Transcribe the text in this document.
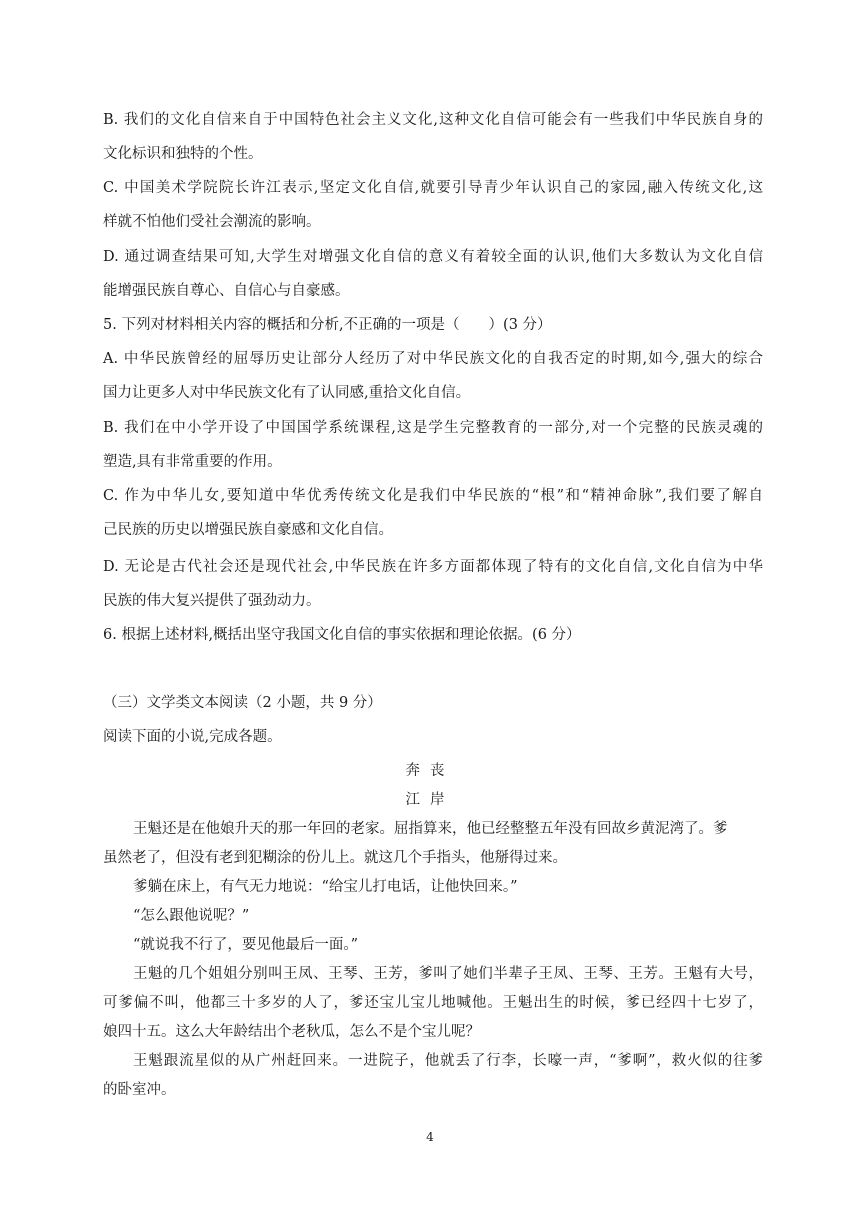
B. 我们的文化自信来自于中国特色社会主义文化,这种文化自信可能会有一些我们中华民族自身的
文化标识和独特的个性。
C. 中国美术学院院长许江表示,坚定文化自信,就要引导青少年认识自己的家园,融入传统文化,这
样就不怕他们受社会潮流的影响。
D. 通过调查结果可知,大学生对增强文化自信的意义有着较全面的认识,他们大多数认为文化自信
能增强民族自尊心、自信心与自豪感。
5. 下列对材料相关内容的概括和分析,不正确的一项是（　　）(3 分）
A. 中华民族曾经的屈辱历史让部分人经历了对中华民族文化的自我否定的时期,如今,强大的综合
国力让更多人对中华民族文化有了认同感,重拾文化自信。
B. 我们在中小学开设了中国国学系统课程,这是学生完整教育的一部分,对一个完整的民族灵魂的
塑造,具有非常重要的作用。
C. 作为中华儿女,要知道中华优秀传统文化是我们中华民族的“根”和“精神命脉”,我们要了解自
己民族的历史以增强民族自豪感和文化自信。
D. 无论是古代社会还是现代社会,中华民族在许多方面都体现了特有的文化自信,文化自信为中华
民族的伟大复兴提供了强劲动力。
6. 根据上述材料,概括出坚守我国文化自信的事实依据和理论依据。(6 分）
（三）文学类文本阅读（2 小题，共 9 分）
阅读下面的小说,完成各题。
奔丧
江岸
王魁还是在他娘升天的那一年回的老家。屈指算来，他已经整整五年没有回故乡黄泥湾了。爹
虽然老了，但没有老到犯糊涂的份儿上。就这几个手指头，他掰得过来。
爹躺在床上，有气无力地说：“给宝儿打电话，让他快回来。”
“怎么跟他说呢？”
“就说我不行了，要见他最后一面。”
王魁的几个姐姐分别叫王凤、王琴、王芳，爹叫了她们半辈子王凤、王琴、王芳。王魁有大号，
可爹偏不叫，他都三十多岁的人了，爹还宝儿宝儿地喊他。王魁出生的时候，爹已经四十七岁了，
娘四十五。这么大年龄结出个老秋瓜，怎么不是个宝儿呢？
王魁跟流星似的从广州赶回来。一进院子，他就丢了行李，长嚎一声，“爹啊”，救火似的往爹
的卧室冲。
4
